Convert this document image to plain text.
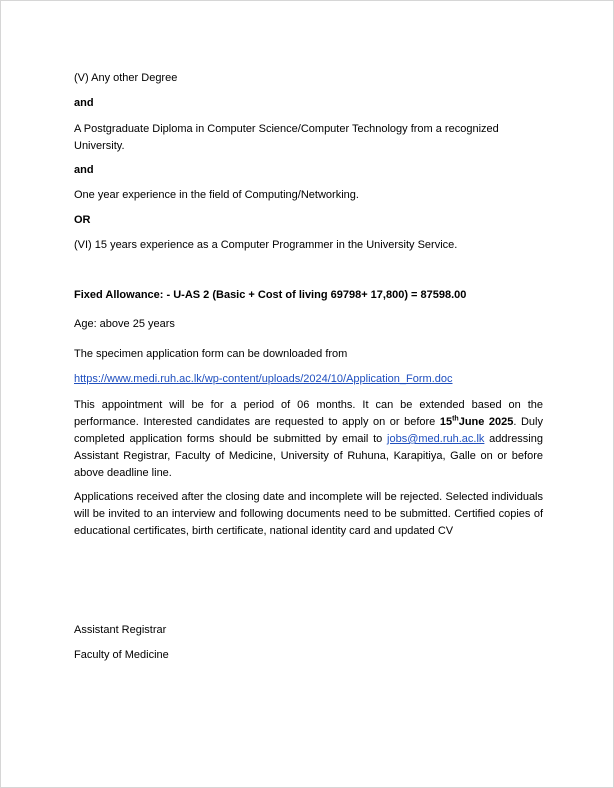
(V) Any other Degree
and
A Postgraduate Diploma in Computer Science/Computer Technology from a recognized University.
and
One year experience in the field of Computing/Networking.
OR
(VI) 15 years experience as a Computer Programmer in the University Service.
Fixed Allowance: - U-AS 2 (Basic + Cost of living 69798+ 17,800) = 87598.00
Age: above 25 years
The specimen application form can be downloaded from
https://www.medi.ruh.ac.lk/wp-content/uploads/2024/10/Application_Form.doc
This appointment will be for a period of 06 months. It can be extended based on the performance. Interested candidates are requested to apply on or before 15thJune 2025. Duly completed application forms should be submitted by email to jobs@med.ruh.ac.lk addressing Assistant Registrar, Faculty of Medicine, University of Ruhuna, Karapitiya, Galle on or before above deadline line.
Applications received after the closing date and incomplete will be rejected. Selected individuals will be invited to an interview and following documents need to be submitted. Certified copies of educational certificates, birth certificate, national identity card and updated CV
Assistant Registrar
Faculty of Medicine
